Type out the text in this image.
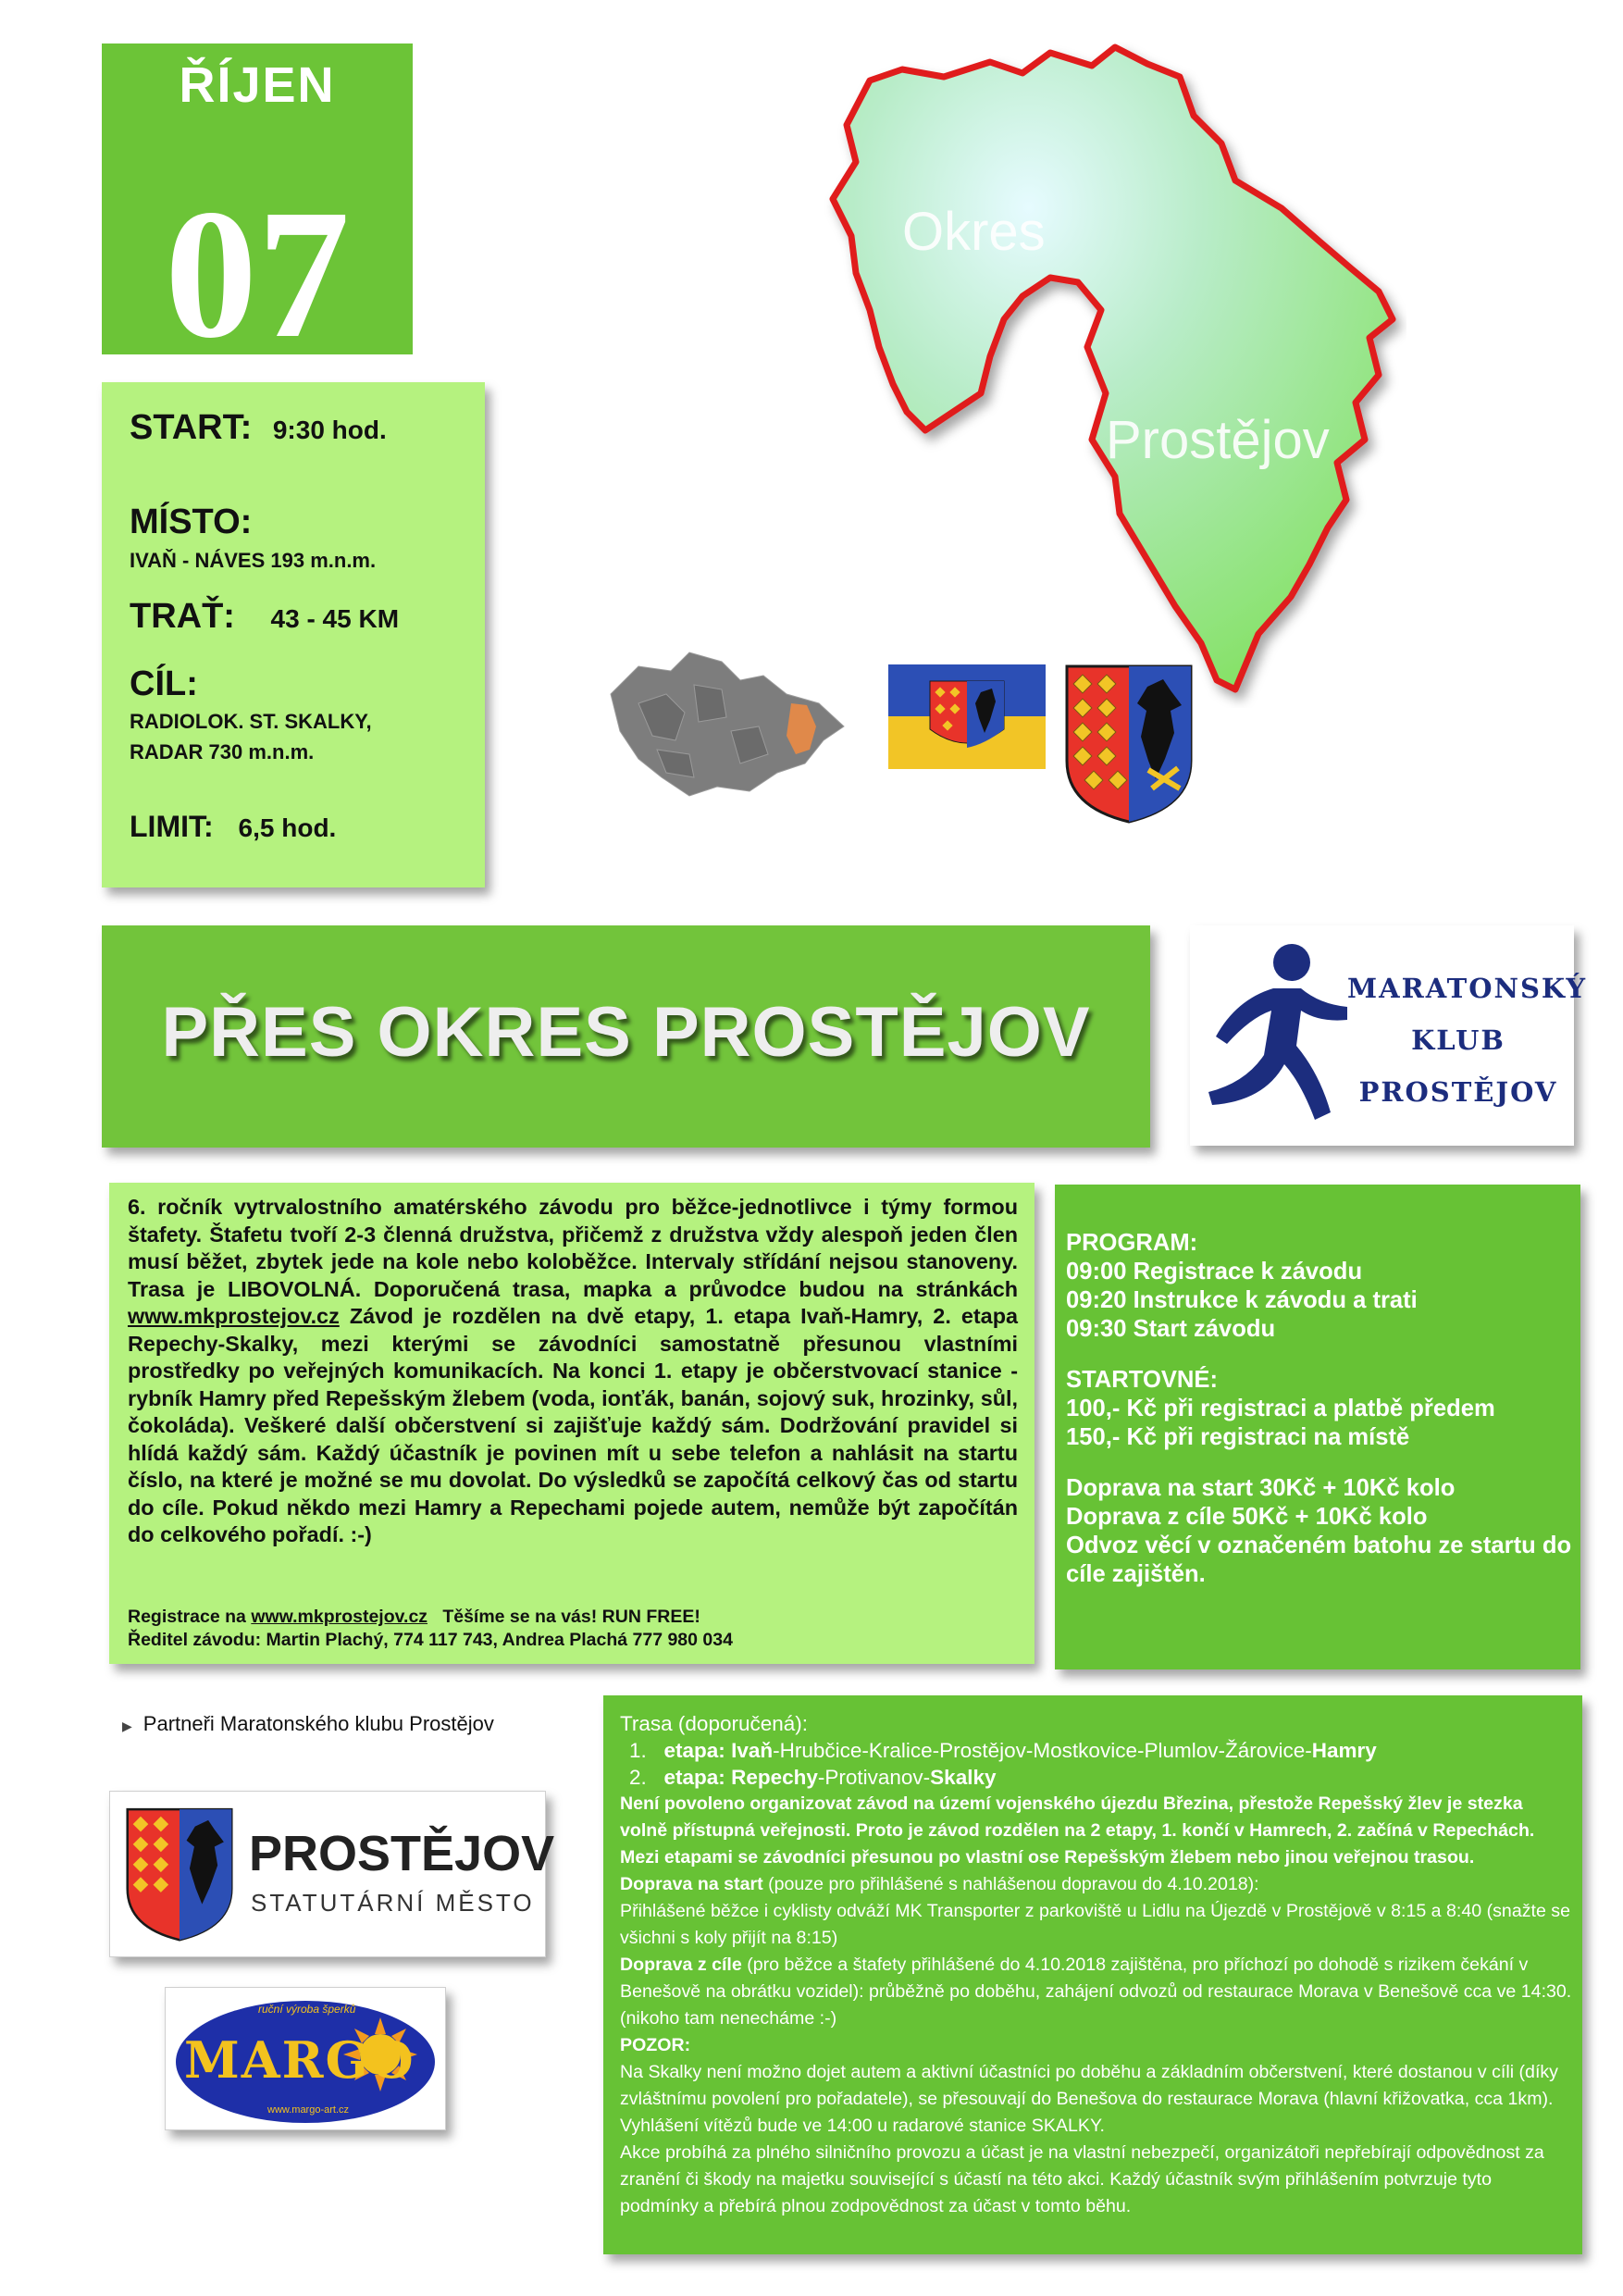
ŘÍJEN
07
START: 9:30 hod.
MÍSTO:
IVAŇ - NÁVES 193 m.n.m.
TRAŤ: 43 - 45 KM
CÍL:
RADIOLOK. ST. SKALKY,
RADAR 730 m.n.m.
LIMIT: 6,5 hod.
Okres
Prostějov
PŘES OKRES PROSTĚJOV
MARATONSKÝ
KLUB
PROSTĚJOV
6. ročník vytrvalostního amatérského závodu pro běžce-jednotlivce i týmy formou štafety. Štafetu tvoří 2-3 členná družstva, přičemž z družstva vždy alespoň jeden člen musí běžet, zbytek jede na kole nebo koloběžce. Intervaly střídání nejsou stanoveny. Trasa je LIBOVOLNÁ. Doporučená trasa, mapka a průvodce budou na stránkách www.mkprostejov.cz Závod je rozdělen na dvě etapy, 1. etapa Ivaň-Hamry, 2. etapa Repechy-Skalky, mezi kterými se závodníci samostatně přesunou vlastními prostředky po veřejných komunikacích. Na konci 1. etapy je občerstvovací stanice - rybník Hamry před Repešským žlebem (voda, ionťák, banán, sojový suk, hrozinky, sůl, čokoláda). Veškeré další občerstvení si zajišťuje každý sám. Dodržování pravidel si hlídá každý sám. Každý účastník je povinen mít u sebe telefon a nahlásit na startu číslo, na které je možné se mu dovolat. Do výsledků se započítá celkový čas od startu do cíle. Pokud někdo mezi Hamry a Repechami pojede autem, nemůže být započítán do celkového pořadí. :-)
Registrace na www.mkprostejov.cz Těšíme se na vás! RUN FREE!
Ředitel závodu: Martin Plachý, 774 117 743, Andrea Plachá 777 980 034
PROGRAM:
09:00 Registrace k závodu
09:20 Instrukce k závodu a trati
09:30 Start závodu
STARTOVNÉ:
100,- Kč při registraci a platbě předem
150,- Kč při registraci na místě
Doprava na start 30Kč + 10Kč kolo
Doprava z cíle 50Kč + 10Kč kolo
Odvoz věcí v označeném batohu ze startu do cíle zajištěn.
▶ Partneři Maratonského klubu Prostějov
PROSTĚJOV
STATUTÁRNÍ MĚSTO
ruční výroba šperků
MARGO
www.margo-art.cz
Trasa (doporučená):
1. etapa: Ivaň-Hrubčice-Kralice-Prostějov-Mostkovice-Plumlov-Žárovice-Hamry
2. etapa: Repechy-Protivanov-Skalky
Není povoleno organizovat závod na území vojenského újezdu Březina, přestože Repešský žlev je stezka volně přístupná veřejnosti. Proto je závod rozdělen na 2 etapy, 1. končí v Hamrech, 2. začíná v Repechách. Mezi etapami se závodníci přesunou po vlastní ose Repešským žlebem nebo jinou veřejnou trasou.
Doprava na start (pouze pro přihlášené s nahlášenou dopravou do 4.10.2018):
Přihlášené běžce i cyklisty odváží MK Transporter z parkoviště u Lidlu na Újezdě v Prostějově v 8:15 a 8:40 (snažte se všichni s koly přijít na 8:15)
Doprava z cíle (pro běžce a štafety přihlášené do 4.10.2018 zajištěna, pro příchozí po dohodě s rizikem čekání v Benešově na obrátku vozidel): průběžně po doběhu, zahájení odvozů od restaurace Morava v Benešově cca ve 14:30. (nikoho tam nenecháme :-)
POZOR:
Na Skalky není možno dojet autem a aktivní účastníci po doběhu a základním občerstvení, které dostanou v cíli (díky zvláštnímu povolení pro pořadatele), se přesouvají do Benešova do restaurace Morava (hlavní křižovatka, cca 1km). Vyhlášení vítězů bude ve 14:00 u radarové stanice SKALKY.
Akce probíhá za plného silničního provozu a účast je na vlastní nebezpečí, organizátoři nepřebírají odpovědnost za zranění či škody na majetku související s účastí na této akci. Každý účastník svým přihlášením potvrzuje tyto podmínky a přebírá plnou zodpovědnost za účast v tomto běhu.
